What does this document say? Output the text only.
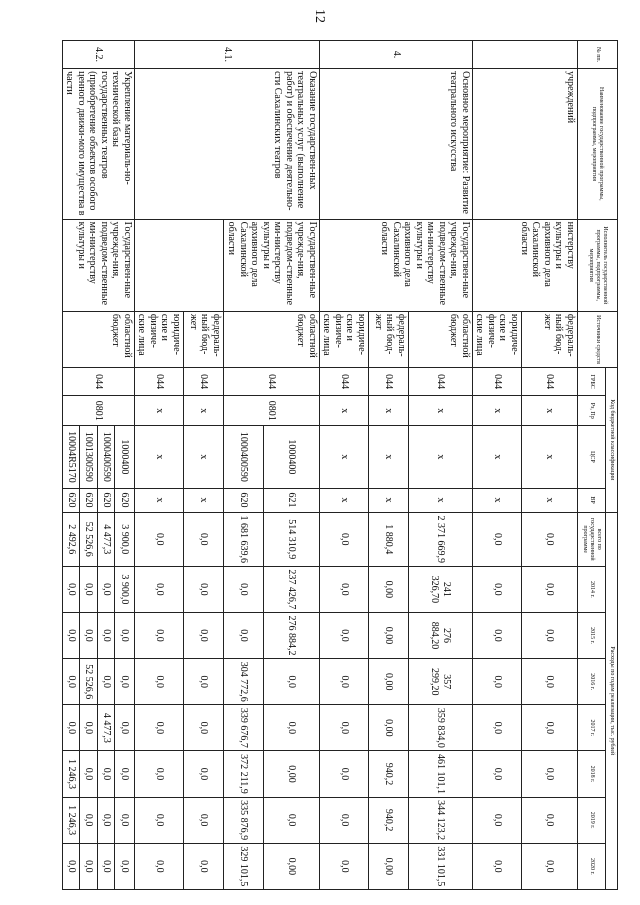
12
№ пп.	Наименование государственной программы, подпрограммы, мероприятия	Исполнитель государственной программы, подпрограммы, мероприятия	Источники средств	Код бюджетной классификации				Расходы по годам реализации, тыс. рублей							
				ГРБС	Рз, Пр	ЦСР	ВР	всего по государственной программе	2014 г.	2015 г.	2016 г.	2017 г.	2018 г.	2019 г.	2020 г.
	учреждений	нистерству культуры и архивного дела Сахалинской области	федераль-ный бюд-жет	044	х	х	х	0,0	0,0	0,0	0,0	0,0	0,0	0,0	0,0
			юридиче-ские и физиче-ские лица	044	х	х	х	0,0	0,0	0,0	0,0	0,0	0,0	0,0	0,0
4.	Основное мероприятие: Развитие театрального искусства	Государствен-ные учрежде-ния, подведом-ственные ми-нистерству культуры и архивного дела Сахалинской области	областной бюджет	044	х	х	х	2 371 669,9	241 326,70	276 884,20	357 299,20	359 834,0	461 101,1	344 123,2	331 101,5
			федераль-ный бюд-жет	044	х	х	х	1 880,4	0,00	0,00	0,00	0,00	940,2	940,2	0,00
			юридиче-ские и физиче-ские лица	044	х	х	х	0,0	0,0	0,0	0,0	0,0	0,0	0,0	0,0
4.1.	Оказание государствен-ных театральных услуг (выполнение работ) и обеспечение деятельно-сти Сахалинских театров	Государствен-ные учрежде-ния, подведом-ственные ми-нистерству культуры и архивного дела Сахалинской области	областной бюджет	044	0801	1000400	621	514 310,9	237 426,7	276 884,2	0,0	0,0	0,00	0,0	0,00
						1000400590	620	1 681 639,6	0,0	0,0	304 772,6	339 676,7	372 211,9	335 876,9	329 101,5
			федераль-ный бюд-жет	044	х	х	х	0,0	0,0	0,0	0,0	0,0	0,0	0,0	0,0
			юридиче-ские и физиче-ские лица	044	х	х	х	0,0	0,0	0,0	0,0	0,0	0,0	0,0	0,0
4.2.	Укрепление материаль-но-технической базы государственных театров (приобретение объектов особого ценного движи-мого имущества в части	Государствен-ные учрежде-ния, подведом-ственные ми-нистерству культуры и	областной бюджет	044	0801	1000400	620	3 900,0	3 900,0	0,0	0,0	0,0	0,0	0,0	0,0
						1000400590	620	4 477,3	0,0	0,0	0,0	4 477,3	0,0	0,0	0,0
						1001300590	620	52 526,6	0,0	0,0	52 526,6	0,0	0,0	0,0	0,0
						10004R5170	620	2 492,6	0,0	0,0	0,0	0,0	1 246,3	1 246,3	0,0
